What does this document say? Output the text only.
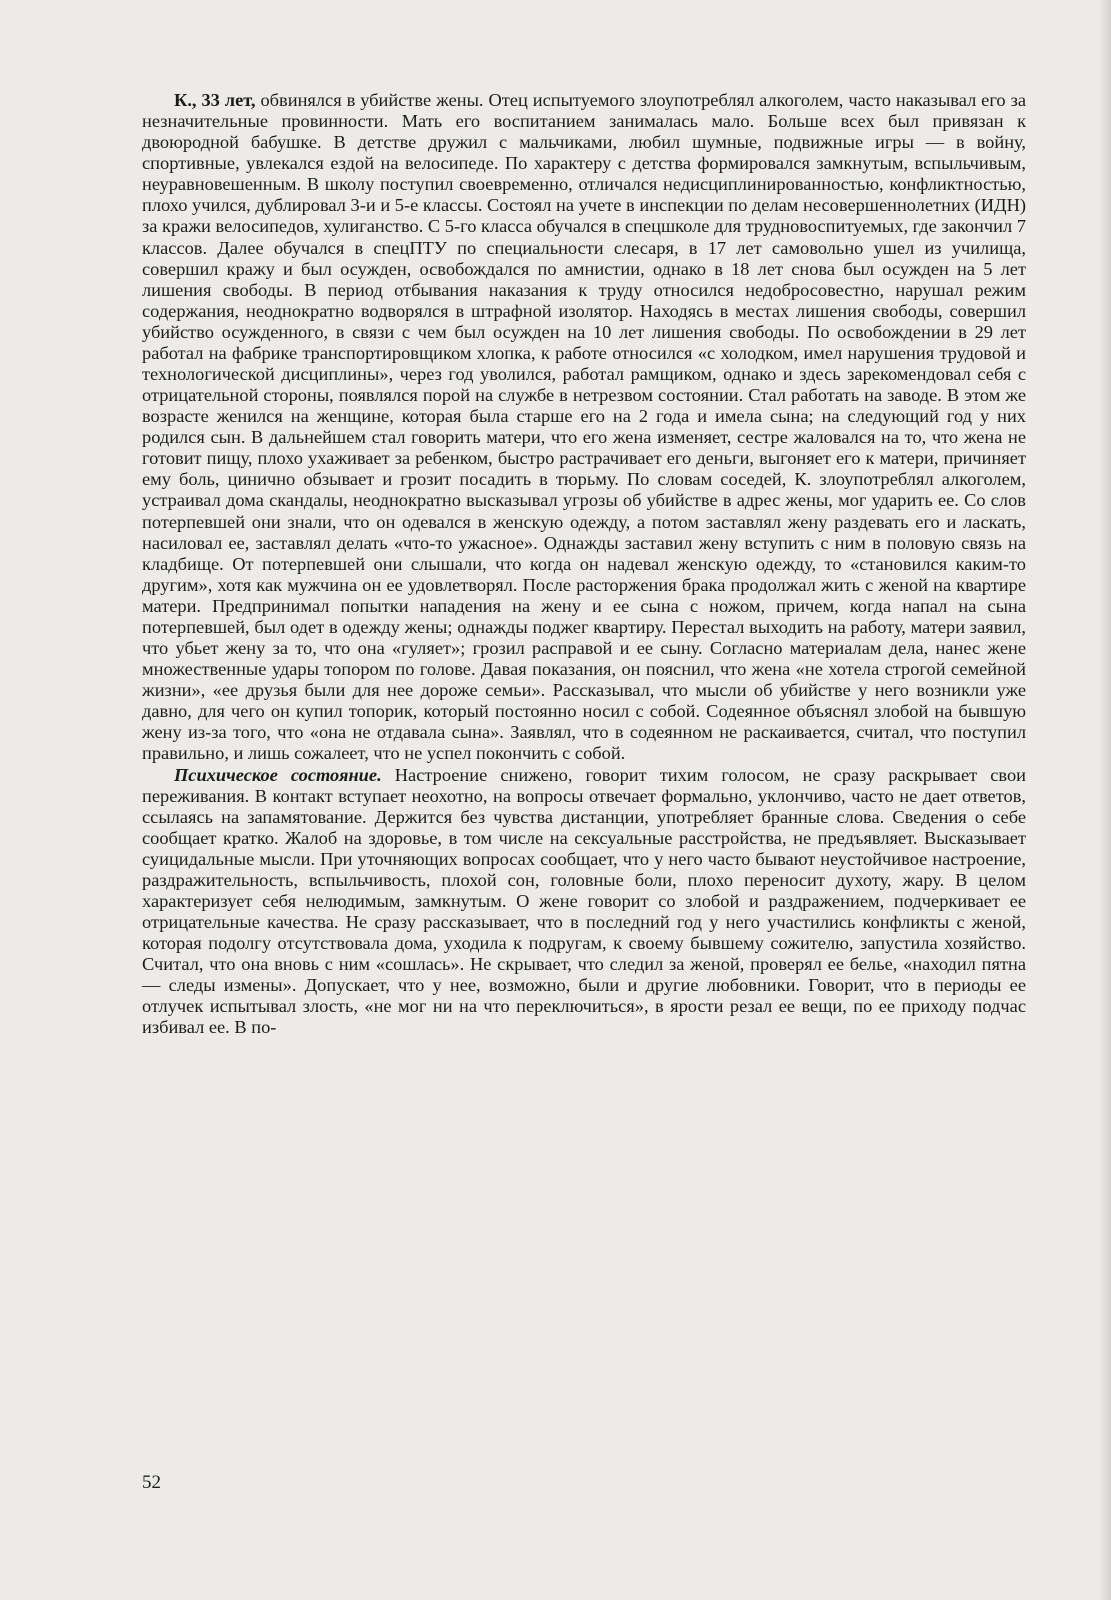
К., 33 лет, обвинялся в убийстве жены. Отец испытуемого злоупотреблял алкоголем, часто наказывал его за незначительные провинности. Мать его воспитанием занималась мало. Больше всех был привязан к двоюродной бабушке. В детстве дружил с мальчиками, любил шумные, подвижные игры — в войну, спортивные, увлекался ездой на велосипеде. По характеру с детства формировался замкнутым, вспыльчивым, неуравновешенным. В школу поступил своевременно, отличался недисциплинированностью, конфликтностью, плохо учился, дублировал 3-и и 5-е классы. Состоял на учете в инспекции по делам несовершеннолетних (ИДН) за кражи велосипедов, хулиганство. С 5-го класса обучался в спецшколе для трудновоспитуемых, где закончил 7 классов. Далее обучался в спецПТУ по специальности слесаря, в 17 лет самовольно ушел из училища, совершил кражу и был осужден, освобождался по амнистии, однако в 18 лет снова был осужден на 5 лет лишения свободы. В период отбывания наказания к труду относился недобросовестно, нарушал режим содержания, неоднократно водворялся в штрафной изолятор. Находясь в местах лишения свободы, совершил убийство осужденного, в связи с чем был осужден на 10 лет лишения свободы. По освобождении в 29 лет работал на фабрике транспортировщиком хлопка, к работе относился «с холодком, имел нарушения трудовой и технологической дисциплины», через год уволился, работал рамщиком, однако и здесь зарекомендовал себя с отрицательной стороны, появлялся порой на службе в нетрезвом состоянии. Стал работать на заводе. В этом же возрасте женился на женщине, которая была старше его на 2 года и имела сына; на следующий год у них родился сын. В дальнейшем стал говорить матери, что его жена изменяет, сестре жаловался на то, что жена не готовит пищу, плохо ухаживает за ребенком, быстро растрачивает его деньги, выгоняет его к матери, причиняет ему боль, цинично обзывает и грозит посадить в тюрьму. По словам соседей, К. злоупотреблял алкоголем, устраивал дома скандалы, неоднократно высказывал угрозы об убийстве в адрес жены, мог ударить ее. Со слов потерпевшей они знали, что он одевался в женскую одежду, а потом заставлял жену раздевать его и ласкать, насиловал ее, заставлял делать «что-то ужасное». Однажды заставил жену вступить с ним в половую связь на кладбище. От потерпевшей они слышали, что когда он надевал женскую одежду, то «становился каким-то другим», хотя как мужчина он ее удовлетворял. После расторжения брака продолжал жить с женой на квартире матери. Предпринимал попытки нападения на жену и ее сына с ножом, причем, когда напал на сына потерпевшей, был одет в одежду жены; однажды поджег квартиру. Перестал выходить на работу, матери заявил, что убьет жену за то, что она «гуляет»; грозил расправой и ее сыну. Согласно материалам дела, нанес жене множественные удары топором по голове. Давая показания, он пояснил, что жена «не хотела строгой семейной жизни», «ее друзья были для нее дороже семьи». Рассказывал, что мысли об убийстве у него возникли уже давно, для чего он купил топорик, который постоянно носил с собой. Содеянное объяснял злобой на бывшую жену из-за того, что «она не отдавала сына». Заявлял, что в содеянном не раскаивается, считал, что поступил правильно, и лишь сожалеет, что не успел покончить с собой.

Психическое состояние. Настроение снижено, говорит тихим голосом, не сразу раскрывает свои переживания. В контакт вступает неохотно, на вопросы отвечает формально, уклончиво, часто не дает ответов, ссылаясь на запамятование. Держится без чувства дистанции, употребляет бранные слова. Сведения о себе сообщает кратко. Жалоб на здоровье, в том числе на сексуальные расстройства, не предъявляет. Высказывает суицидальные мысли. При уточняющих вопросах сообщает, что у него часто бывают неустойчивое настроение, раздражительность, вспыльчивость, плохой сон, головные боли, плохо переносит духоту, жару. В целом характеризует себя нелюдимым, замкнутым. О жене говорит со злобой и раздражением, подчеркивает ее отрицательные качества. Не сразу рассказывает, что в последний год у него участились конфликты с женой, которая подолгу отсутствовала дома, уходила к подругам, к своему бывшему сожителю, запустила хозяйство. Считал, что она вновь с ним «сошлась». Не скрывает, что следил за женой, проверял ее белье, «находил пятна — следы измены». Допускает, что у нее, возможно, были и другие любовники. Говорит, что в периоды ее отлучек испытывал злость, «не мог ни на что переключиться», в ярости резал ее вещи, по ее приходу подчас избивал ее. В по-

52
